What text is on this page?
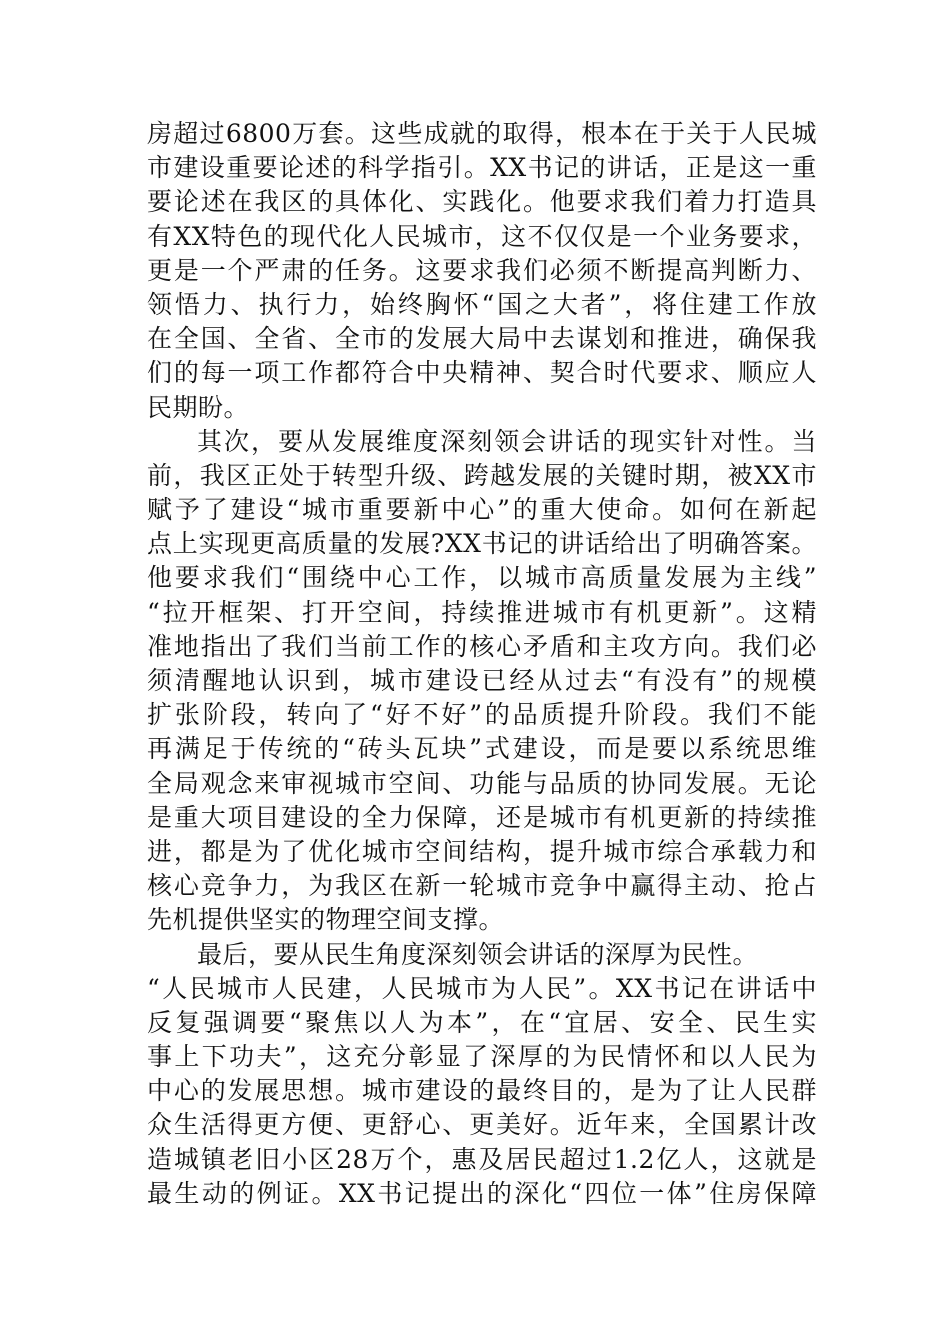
房超过6800万套。这些成就的取得，根本在于关于人民城
市建设重要论述的科学指引。XX书记的讲话，正是这一重
要论述在我区的具体化、实践化。他要求我们着力打造具
有XX特色的现代化人民城市，这不仅仅是一个业务要求，
更是一个严肃的任务。这要求我们必须不断提高判断力、
领悟力、执行力，始终胸怀“国之大者”，将住建工作放
在全国、全省、全市的发展大局中去谋划和推进，确保我
们的每一项工作都符合中央精神、契合时代要求、顺应人
民期盼。
其次，要从发展维度深刻领会讲话的现实针对性。当
前，我区正处于转型升级、跨越发展的关键时期，被XX市
赋予了建设“城市重要新中心”的重大使命。如何在新起
点上实现更高质量的发展?XX书记的讲话给出了明确答案。
他要求我们“围绕中心工作，以城市高质量发展为主线”
“拉开框架、打开空间，持续推进城市有机更新”。这精
准地指出了我们当前工作的核心矛盾和主攻方向。我们必
须清醒地认识到，城市建设已经从过去“有没有”的规模
扩张阶段，转向了“好不好”的品质提升阶段。我们不能
再满足于传统的“砖头瓦块”式建设，而是要以系统思维
全局观念来审视城市空间、功能与品质的协同发展。无论
是重大项目建设的全力保障，还是城市有机更新的持续推
进，都是为了优化城市空间结构，提升城市综合承载力和
核心竞争力，为我区在新一轮城市竞争中赢得主动、抢占
先机提供坚实的物理空间支撑。
最后，要从民生角度深刻领会讲话的深厚为民性。
“人民城市人民建，人民城市为人民”。XX书记在讲话中
反复强调要“聚焦以人为本”，在“宜居、安全、民生实
事上下功夫”，这充分彰显了深厚的为民情怀和以人民为
中心的发展思想。城市建设的最终目的，是为了让人民群
众生活得更方便、更舒心、更美好。近年来，全国累计改
造城镇老旧小区28万个，惠及居民超过1.2亿人，这就是
最生动的例证。XX书记提出的深化“四位一体”住房保障
